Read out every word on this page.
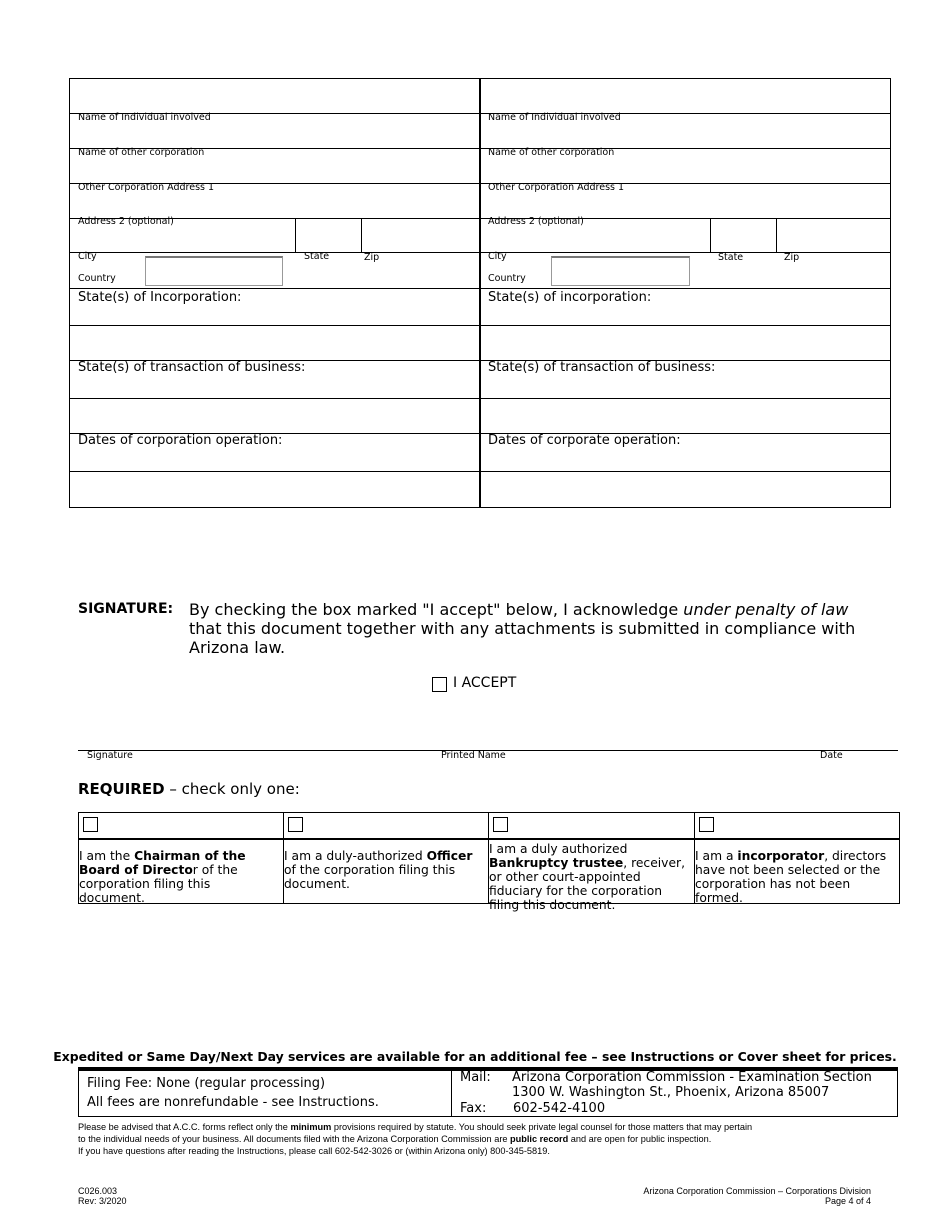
Name of Individual involved
Name of other corporation
Other Corporation Address 1
Address 2 (optional)
City	State	Zip
Country
State(s) of Incorporation:
State(s) of transaction of business:
Dates of corporation operation:
Name of Individual involved
Name of other corporation
Other Corporation Address 1
Address 2 (optional)
City	State	Zip
Country
State(s) of incorporation:
State(s) of transaction of business:
Dates of corporate operation:
SIGNATURE: By checking the box marked "I accept" below, I acknowledge under penalty of law that this document together with any attachments is submitted in compliance with Arizona law.
I ACCEPT
Signature	Printed Name	Date
REQUIRED – check only one:
I am the Chairman of the Board of Director of the corporation filing this document.
I am a duly-authorized Officer of the corporation filing this document.
I am a duly authorized Bankruptcy trustee, receiver, or other court-appointed fiduciary for the corporation filing this document.
I am a incorporator, directors have not been selected or the corporation has not been formed.
Expedited or Same Day/Next Day services are available for an additional fee – see Instructions or Cover sheet for prices.
Filing Fee: None (regular processing)
All fees are nonrefundable - see Instructions.
Mail: Arizona Corporation Commission - Examination Section
1300 W. Washington St., Phoenix, Arizona 85007
Fax: 602-542-4100
Please be advised that A.C.C. forms reflect only the minimum provisions required by statute. You should seek private legal counsel for those matters that may pertain
to the individual needs of your business. All documents filed with the Arizona Corporation Commission are public record and are open for public inspection.
If you have questions after reading the Instructions, please call 602-542-3026 or (within Arizona only) 800-345-5819.
C026.003
Rev: 3/2020
Arizona Corporation Commission – Corporations Division
Page 4 of 4
